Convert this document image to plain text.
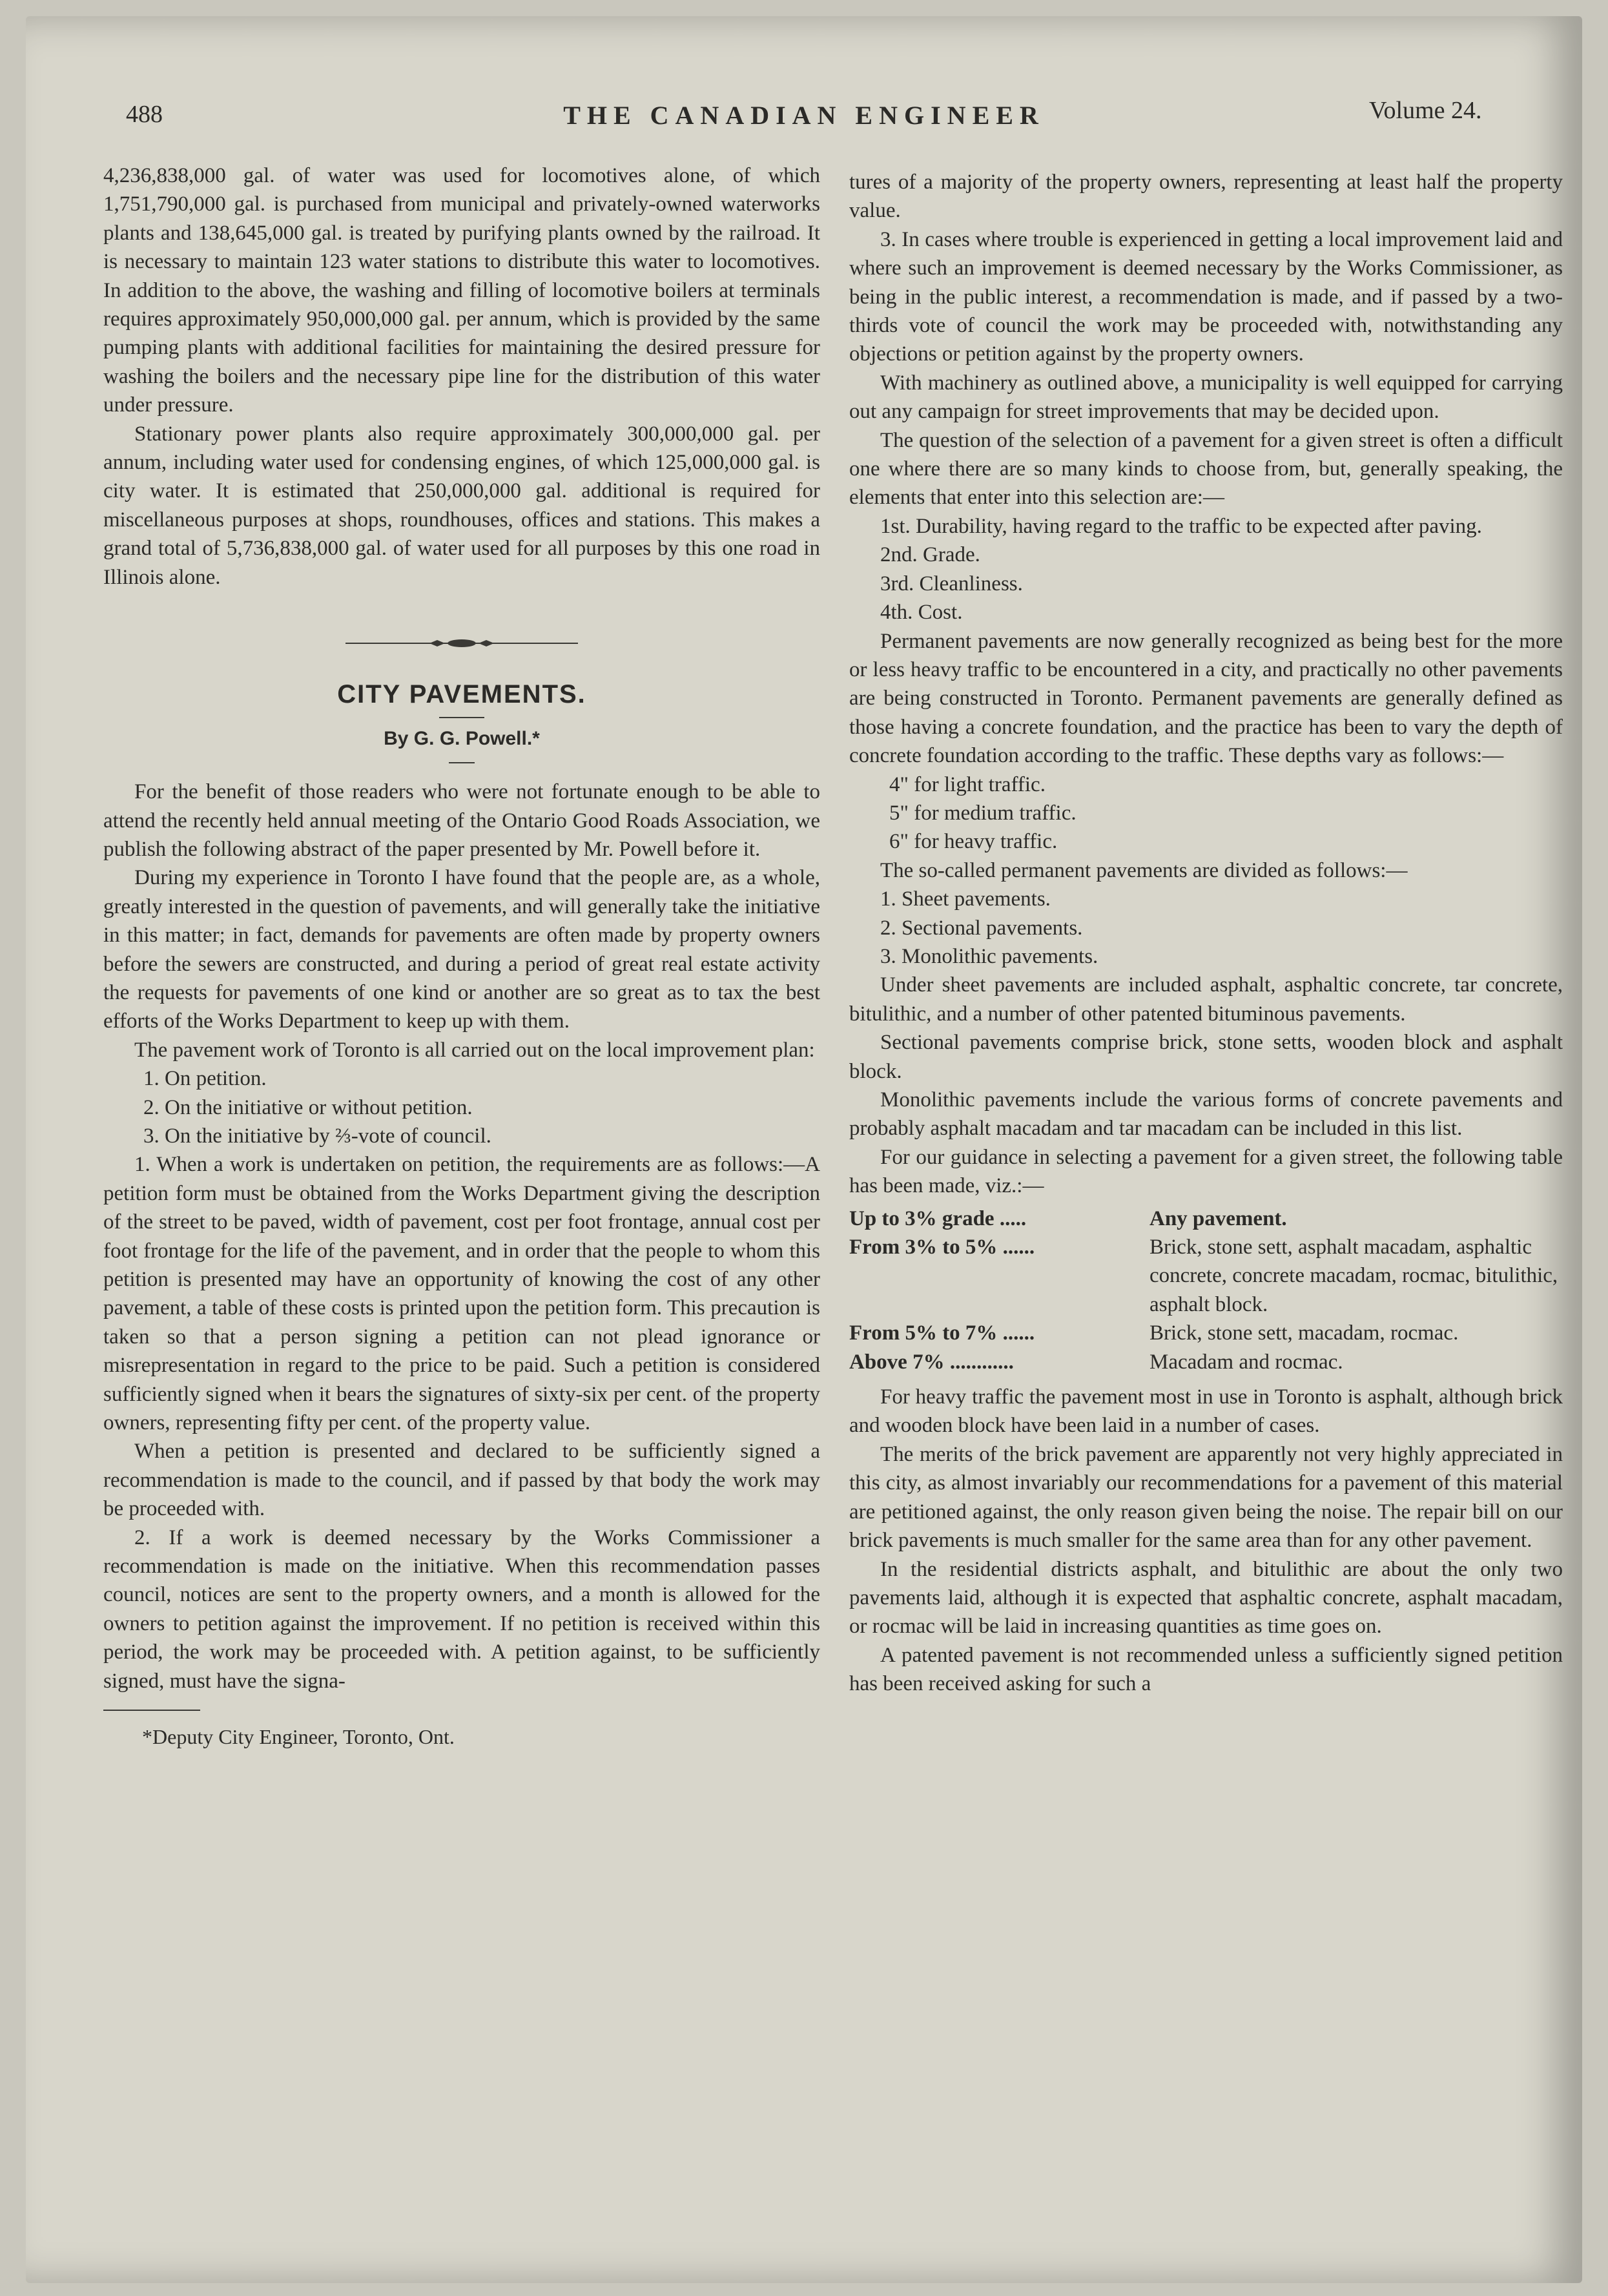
488	THE CANADIAN ENGINEER	Volume 24.

4,236,838,000 gal. of water was used for locomotives alone, of which 1,751,790,000 gal. is purchased from municipal and privately-owned waterworks plants and 138,645,000 gal. is treated by purifying plants owned by the railroad. It is necessary to maintain 123 water stations to distribute this water to locomotives. In addition to the above, the washing and filling of locomotive boilers at terminals requires approximately 950,000,000 gal. per annum, which is provided by the same pumping plants with additional facilities for maintaining the desired pressure for washing the boilers and the necessary pipe line for the distribution of this water under pressure.

Stationary power plants also require approximately 300,000,000 gal. per annum, including water used for condensing engines, of which 125,000,000 gal. is city water. It is estimated that 250,000,000 gal. additional is required for miscellaneous purposes at shops, roundhouses, offices and stations. This makes a grand total of 5,736,838,000 gal. of water used for all purposes by this one road in Illinois alone.

CITY PAVEMENTS.
By G. G. Powell.*

For the benefit of those readers who were not fortunate enough to be able to attend the recently held annual meeting of the Ontario Good Roads Association, we publish the following abstract of the paper presented by Mr. Powell before it.

During my experience in Toronto I have found that the people are, as a whole, greatly interested in the question of pavements, and will generally take the initiative in this matter; in fact, demands for pavements are often made by property owners before the sewers are constructed, and during a period of great real estate activity the requests for pavements of one kind or another are so great as to tax the best efforts of the Works Department to keep up with them.

The pavement work of Toronto is all carried out on the local improvement plan:

1. On petition.

2. On the initiative or without petition.

3. On the initiative by ⅔-vote of council.

1. When a work is undertaken on petition, the requirements are as follows:—A petition form must be obtained from the Works Department giving the description of the street to be paved, width of pavement, cost per foot frontage, annual cost per foot frontage for the life of the pavement, and in order that the people to whom this petition is presented may have an opportunity of knowing the cost of any other pavement, a table of these costs is printed upon the petition form. This precaution is taken so that a person signing a petition can not plead ignorance or misrepresentation in regard to the price to be paid. Such a petition is considered sufficiently signed when it bears the signatures of sixty-six per cent. of the property owners, representing fifty per cent. of the property value.

When a petition is presented and declared to be sufficiently signed a recommendation is made to the council, and if passed by that body the work may be proceeded with.

2. If a work is deemed necessary by the Works Commissioner a recommendation is made on the initiative. When this recommendation passes council, notices are sent to the property owners, and a month is allowed for the owners to petition against the improvement. If no petition is received within this period, the work may be proceeded with. A petition against, to be sufficiently signed, must have the signa-

*Deputy City Engineer, Toronto, Ont.

tures of a majority of the property owners, representing at least half the property value.

3. In cases where trouble is experienced in getting a local improvement laid and where such an improvement is deemed necessary by the Works Commissioner, as being in the public interest, a recommendation is made, and if passed by a two-thirds vote of council the work may be proceeded with, notwithstanding any objections or petition against by the property owners.

With machinery as outlined above, a municipality is well equipped for carrying out any campaign for street improvements that may be decided upon.

The question of the selection of a pavement for a given street is often a difficult one where there are so many kinds to choose from, but, generally speaking, the elements that enter into this selection are:—

1st. Durability, having regard to the traffic to be expected after paving.

2nd. Grade.

3rd. Cleanliness.

4th. Cost.

Permanent pavements are now generally recognized as being best for the more or less heavy traffic to be encountered in a city, and practically no other pavements are being constructed in Toronto. Permanent pavements are generally defined as those having a concrete foundation, and the practice has been to vary the depth of concrete foundation according to the traffic. These depths vary as follows:—

4" for light traffic.

5" for medium traffic.

6" for heavy traffic.

The so-called permanent pavements are divided as follows:—

1. Sheet pavements.

2. Sectional pavements.

3. Monolithic pavements.

Under sheet pavements are included asphalt, asphaltic concrete, tar concrete, bitulithic, and a number of other patented bituminous pavements.

Sectional pavements comprise brick, stone setts, wooden block and asphalt block.

Monolithic pavements include the various forms of concrete pavements and probably asphalt macadam and tar macadam can be included in this list.

For our guidance in selecting a pavement for a given street, the following table has been made, viz.:—

Up to 3% grade .....	Any pavement.
From 3% to 5% ......	Brick, stone sett, asphalt macadam, asphaltic concrete, concrete macadam, rocmac, bitulithic, asphalt block.
From 5% to 7% ......	Brick, stone sett, macadam, rocmac.
Above 7% ............	Macadam and rocmac.

For heavy traffic the pavement most in use in Toronto is asphalt, although brick and wooden block have been laid in a number of cases.

The merits of the brick pavement are apparently not very highly appreciated in this city, as almost invariably our recommendations for a pavement of this material are petitioned against, the only reason given being the noise. The repair bill on our brick pavements is much smaller for the same area than for any other pavement.

In the residential districts asphalt, and bitulithic are about the only two pavements laid, although it is expected that asphaltic concrete, asphalt macadam, or rocmac will be laid in increasing quantities as time goes on.

A patented pavement is not recommended unless a sufficiently signed petition has been received asking for such a
